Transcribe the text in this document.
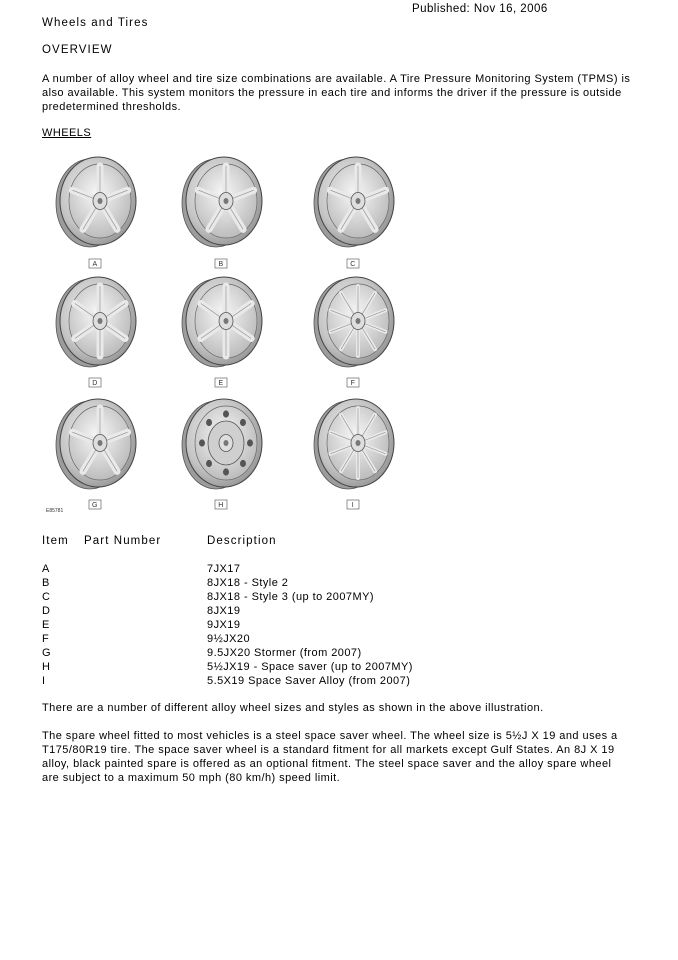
Published: Nov 16, 2006
Wheels and Tires
OVERVIEW
A number of alloy wheel and tire size combinations are available. A Tire Pressure Monitoring System (TPMS) is also available. This system monitors the pressure in each tire and informs the driver if the pressure is outside predetermined thresholds.
WHEELS
A	B	C
D	E	F
G	H	I
E85781
Item Part Number	Description
A	7JX17
B	8JX18 - Style 2
C	8JX18 - Style 3 (up to 2007MY)
D	8JX19
E	9JX19
F	9½JX20
G	9.5JX20 Stormer (from 2007)
H	5½JX19 - Space saver (up to 2007MY)
I	5.5X19 Space Saver Alloy (from 2007)
There are a number of different alloy wheel sizes and styles as shown in the above illustration.
The spare wheel fitted to most vehicles is a steel space saver wheel. The wheel size is 5½J X 19 and uses a T175/80R19 tire. The space saver wheel is a standard fitment for all markets except Gulf States. An 8J X 19 alloy, black painted spare is offered as an optional fitment. The steel space saver and the alloy spare wheel are subject to a maximum 50 mph (80 km/h) speed limit.
